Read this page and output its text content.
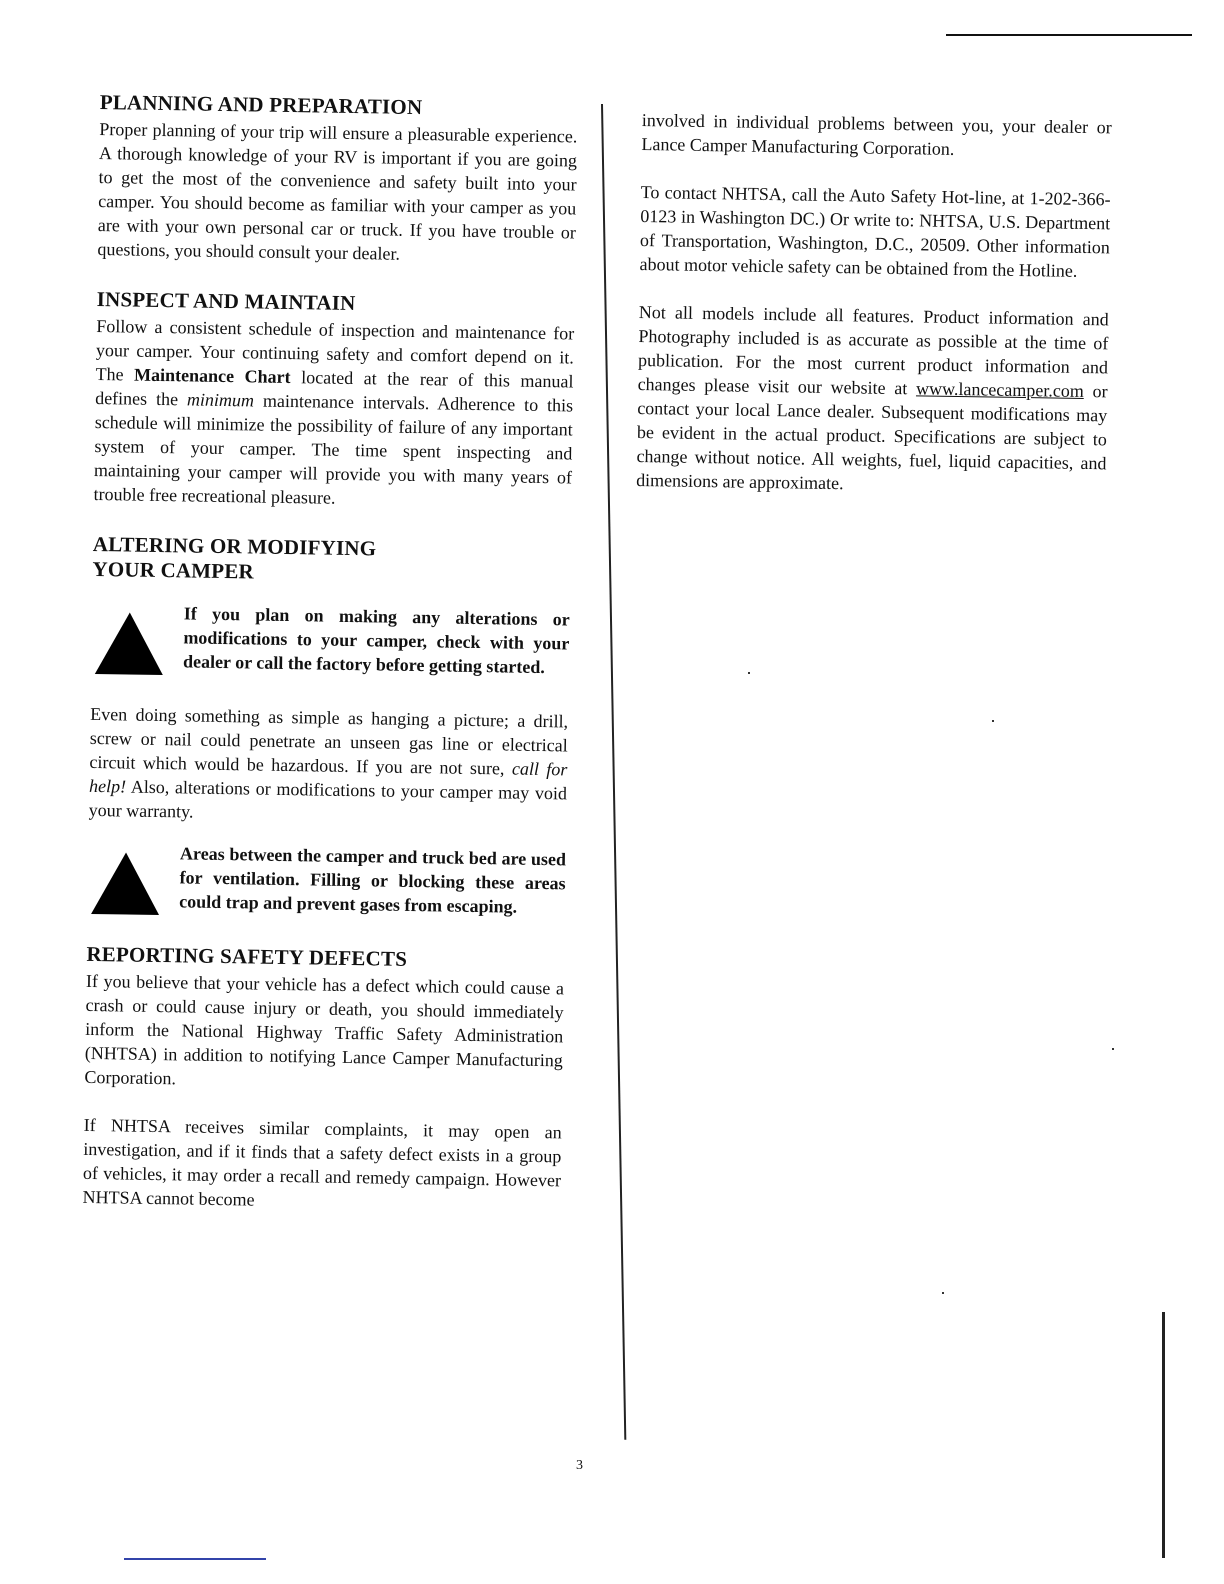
PLANNING AND PREPARATION

Proper planning of your trip will ensure a pleasurable experience. A thorough knowledge of your RV is important if you are going to get the most of the convenience and safety built into your camper. You should become as familiar with your camper as you are with your own personal car or truck. If you have trouble or questions, you should consult your dealer.

INSPECT AND MAINTAIN

Follow a consistent schedule of inspection and maintenance for your camper. Your continuing safety and comfort depend on it. The Maintenance Chart located at the rear of this manual defines the minimum maintenance intervals. Adherence to this schedule will minimize the possibility of failure of any important system of your camper. The time spent inspecting and maintaining your camper will provide you with many years of trouble free recreational pleasure.

ALTERING OR MODIFYING
YOUR CAMPER

If you plan on making any alterations or modifications to your camper, check with your dealer or call the factory before getting started.

Even doing something as simple as hanging a picture; a drill, screw or nail could penetrate an unseen gas line or electrical circuit which would be hazardous. If you are not sure, call for help! Also, alterations or modifications to your camper may void your warranty.

Areas between the camper and truck bed are used for ventilation. Filling or blocking these areas could trap and prevent gases from escaping.

REPORTING SAFETY DEFECTS

If you believe that your vehicle has a defect which could cause a crash or could cause injury or death, you should immediately inform the National Highway Traffic Safety Administration (NHTSA) in addition to notifying Lance Camper Manufacturing Corporation.

If NHTSA receives similar complaints, it may open an investigation, and if it finds that a safety defect exists in a group of vehicles, it may order a recall and remedy campaign. However NHTSA cannot become

involved in individual problems between you, your dealer or Lance Camper Manufacturing Corporation.

To contact NHTSA, call the Auto Safety Hot-line, at 1-202-366-0123 in Washington DC.) Or write to: NHTSA, U.S. Department of Transportation, Washington, D.C., 20509. Other information about motor vehicle safety can be obtained from the Hotline.

Not all models include all features. Product information and Photography included is as accurate as possible at the time of publication. For the most current product information and changes please visit our website at www.lancecamper.com or contact your local Lance dealer. Subsequent modifications may be evident in the actual product. Specifications are subject to change without notice. All weights, fuel, liquid capacities, and dimensions are approximate.

3
